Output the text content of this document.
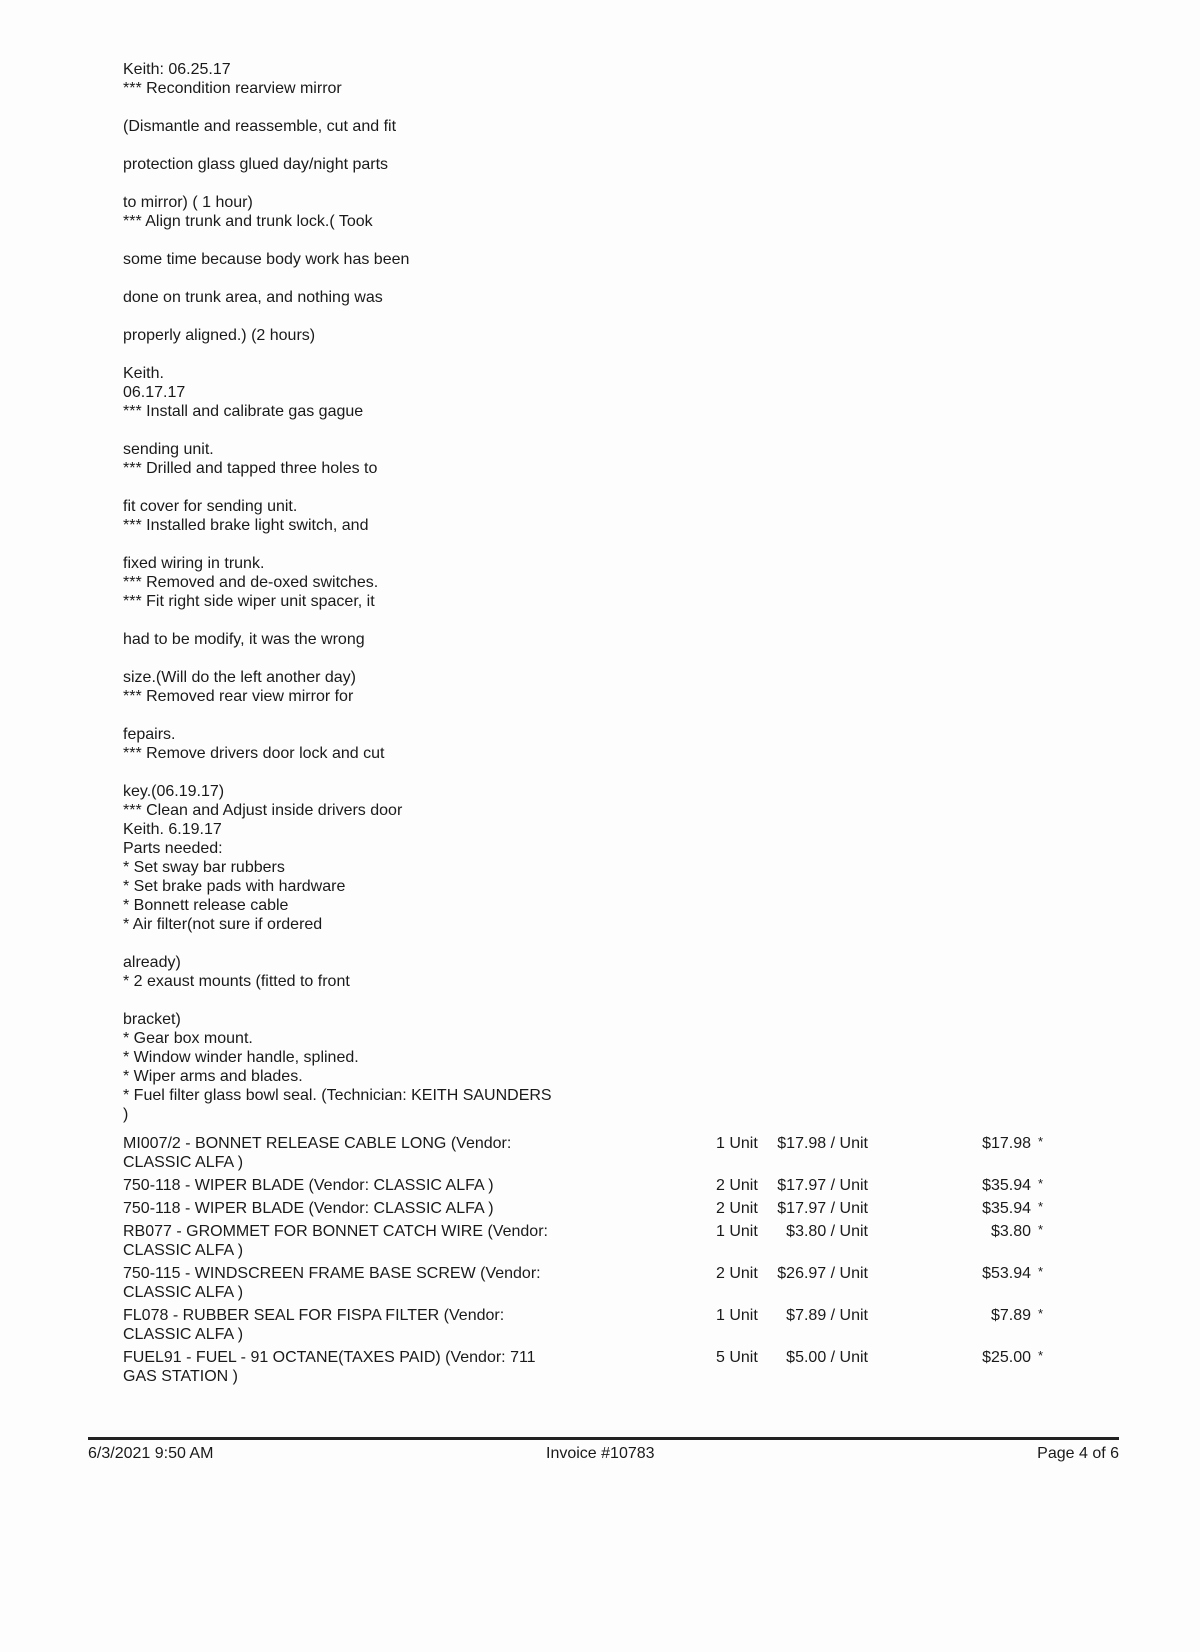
Keith: 06.25.17
*** Recondition rearview mirror
(Dismantle and reassemble, cut and fit
protection glass glued day/night parts
to mirror) ( 1 hour)
*** Align trunk and trunk lock.( Took
some time because body work has been
done on trunk area, and nothing was
properly aligned.) (2 hours)
Keith.
06.17.17
*** Install and calibrate gas gague
sending unit.
*** Drilled and tapped three holes to
fit cover for sending unit.
*** Installed brake light switch, and
fixed wiring in trunk.
*** Removed and de-oxed switches.
*** Fit right side wiper unit spacer, it
had to be modify, it was the wrong
size.(Will do the left another day)
*** Removed rear view mirror for
fepairs.
*** Remove drivers door lock and cut
key.(06.19.17)
*** Clean and Adjust inside drivers door
Keith. 6.19.17
Parts needed:
* Set sway bar rubbers
* Set brake pads with hardware
* Bonnett release cable
* Air filter(not sure if ordered
already)
* 2 exaust mounts (fitted to front
bracket)
* Gear box mount.
* Window winder handle, splined.
* Wiper arms and blades.
* Fuel filter glass bowl seal. (Technician: KEITH SAUNDERS
)
MI007/2 - BONNET RELEASE CABLE LONG (Vendor:
CLASSIC ALFA )
1 Unit $17.98 / Unit	$17.98 *
750-118 - WIPER BLADE (Vendor: CLASSIC ALFA )	2 Unit $17.97 / Unit	$35.94 *
750-118 - WIPER BLADE (Vendor: CLASSIC ALFA )	2 Unit $17.97 / Unit	$35.94 *
RB077 - GROMMET FOR BONNET CATCH WIRE (Vendor:
CLASSIC ALFA )
1 Unit $3.80 / Unit	$3.80 *
750-115 - WINDSCREEN FRAME BASE SCREW (Vendor:
CLASSIC ALFA )
2 Unit $26.97 / Unit	$53.94 *
FL078 - RUBBER SEAL FOR FISPA FILTER (Vendor:
CLASSIC ALFA )
1 Unit $7.89 / Unit	$7.89 *
FUEL91 - FUEL - 91 OCTANE(TAXES PAID) (Vendor: 711
GAS STATION )
5 Unit $5.00 / Unit	$25.00 *
6/3/2021 9:50 AM	Invoice #10783	Page 4 of 6
